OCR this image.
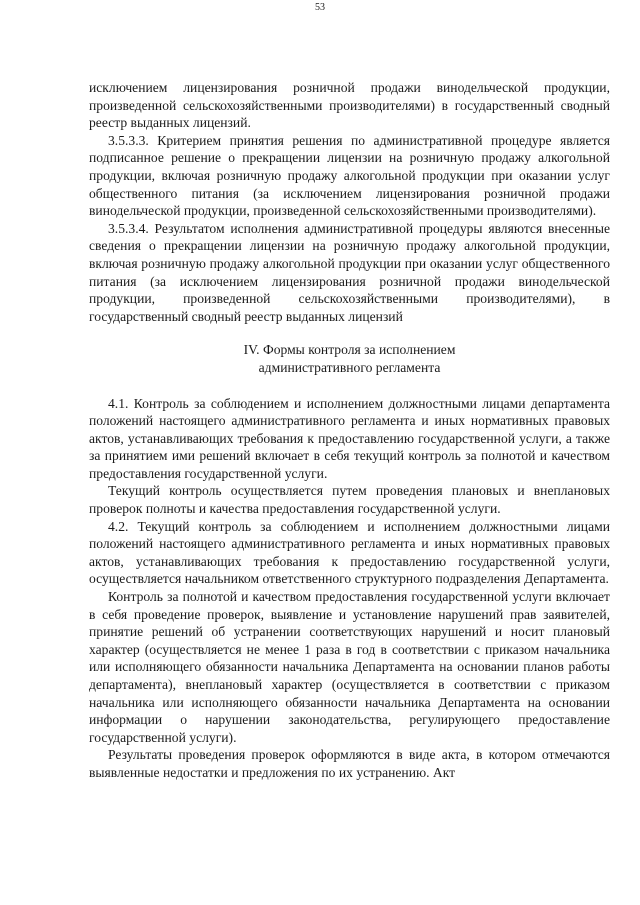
53

исключением лицензирования розничной продажи винодельческой продукции, произведенной сельскохозяйственными производителями) в государственный сводный реестр выданных лицензий.

3.5.3.3. Критерием принятия решения по административной процедуре является подписанное решение о прекращении лицензии на розничную продажу алкогольной продукции, включая розничную продажу алкогольной продукции при оказании услуг общественного питания (за исключением лицензирования розничной продажи винодельческой продукции, произведенной сельскохозяйственными производителями).

3.5.3.4. Результатом исполнения административной процедуры являются внесенные сведения о прекращении лицензии на розничную продажу алкогольной продукции, включая розничную продажу алкогольной продукции при оказании услуг общественного питания (за исключением лицензирования розничной продажи винодельческой продукции, произведенной сельскохозяйственными производителями), в государственный сводный реестр выданных лицензий

IV. Формы контроля за исполнением

административного регламента

4.1. Контроль за соблюдением и исполнением должностными лицами департамента положений настоящего административного регламента и иных нормативных правовых актов, устанавливающих требования к предоставлению государственной услуги, а также за принятием ими решений включает в себя текущий контроль за полнотой и качеством предоставления государственной услуги.

Текущий контроль осуществляется путем проведения плановых и внеплановых проверок полноты и качества предоставления государственной услуги.

4.2. Текущий контроль за соблюдением и исполнением должностными лицами положений настоящего административного регламента и иных нормативных правовых актов, устанавливающих требования к предоставлению государственной услуги, осуществляется начальником ответственного структурного подразделения Департамента.

Контроль за полнотой и качеством предоставления государственной услуги включает в себя проведение проверок, выявление и установление нарушений прав заявителей, принятие решений об устранении соответствующих нарушений и носит плановый характер (осуществляется не менее 1 раза в год в соответствии с приказом начальника или исполняющего обязанности начальника Департамента на основании планов работы департамента), внеплановый характер (осуществляется в соответствии с приказом начальника или исполняющего обязанности начальника Департамента на основании информации о нарушении законодательства, регулирующего предоставление государственной услуги).

Результаты проведения проверок оформляются в виде акта, в котором отмечаются выявленные недостатки и предложения по их устранению. Акт
